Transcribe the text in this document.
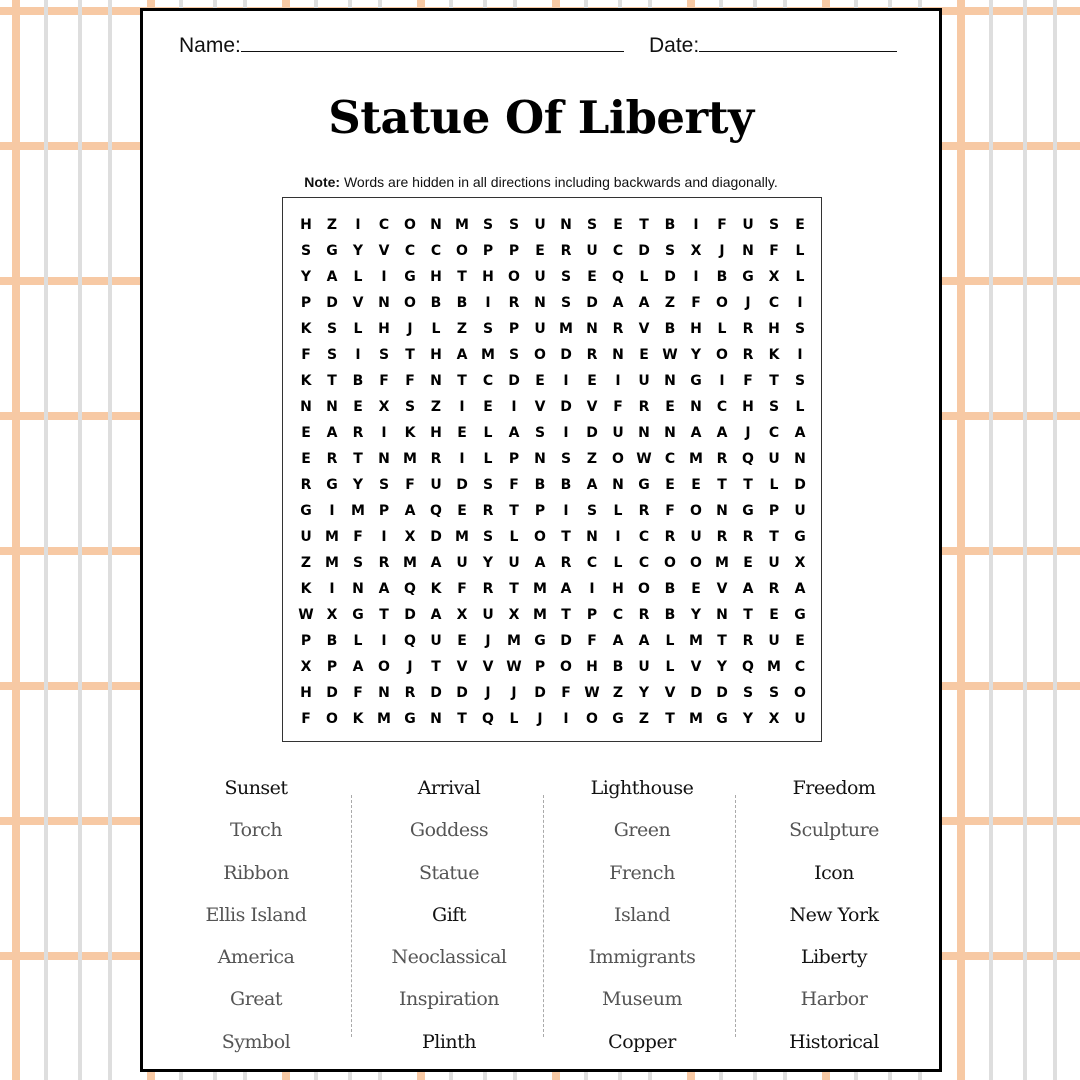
Name:	Date:
Statue Of Liberty
Note: Words are hidden in all directions including backwards and diagonally.
H	Z	I	C	O	N M S	S	U	N	S	E	T	B	I	F	U	S	E
S	G	Y	V	C	C	O	P	P	E	R	U	C	D	S	X	J	N	F	L
Y	A	L	I	G	H	T	H	O	U	S	E	Q	L	D	I	B	G	X	L
P	D	V	N	O	B	B	I	R	N	S	D	A	A	Z	F	O	J	C	I
K	S	L	H	J	L	Z	S	P	U M N	R	V	B	H	L	R	H	S
F	S	I	S	T	H	A M S	O	D	R	N	E W Y	O	R	K	I
K	T	B	F	F	N	T	C	D	E	I	E	I	U	N	G	I	F	T	S
N	N	E	X	S	Z	I	E	I	V	D	V	F	R	E	N	C	H	S	L
E	A	R	I	K	H	E	L	A	S	I	D	U	N	N	A	A	J	C	A
E	R	T	N M R	I	L	P	N	S	Z	O W C M R	Q	U	N
R	G	Y	S	F	U	D	S	F	B	B	A	N	G	E	E	T	T	L	D
G	I	M P	A	Q	E	R	T	P	I	S	L	R	F	O	N	G	P	U
U M	F	I	X	D M S	L	O	T	N	I	C	R	U	R	R	T	G
Z M S	R M A	U	Y	U	A	R	C	L	C	O	O M	E	U	X
K	I	N	A	Q	K	F	R	T	M A	I	H	O	B	E	V	A	R	A
W X	G	T	D	A	X	U	X M	T	P	C	R	B	Y	N	T	E	G
P	B	L	I	Q	U	E	J	M G	D	F	A	A	L	M	T	R	U	E
X	P	A	O	J	T	V	V W P	O	H	B	U	L	V	Y	Q M C
H	D	F	N	R	D	D	J	J	D	F W Z	Y	V	D	D	S	S	O
F	O	K M G	N	T	Q	L	J	I	O	G	Z	T	M G	Y	X	U
Sunset
Torch
Ribbon
Ellis Island
America
Great
Symbol
Arrival
Goddess
Statue
Gift
Neoclassical
Inspiration
Plinth
Lighthouse
Green
French
Island
Immigrants
Museum
Copper
Freedom
Sculpture
Icon
New York
Liberty
Harbor
Historical
